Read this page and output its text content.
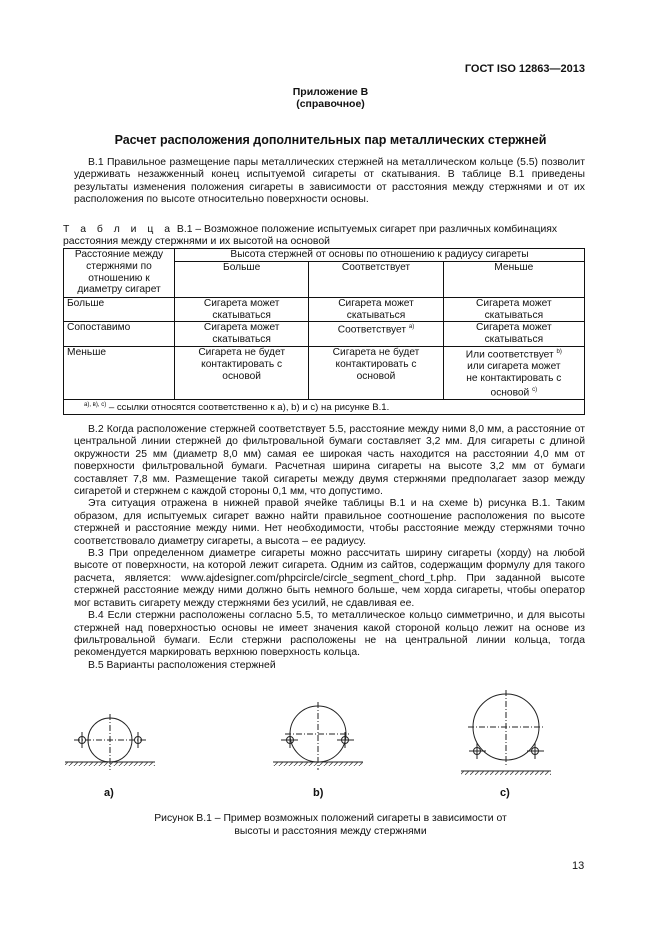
ГОСТ ISO 12863—2013
Приложение В
(справочное)
Расчет расположения дополнительных пар металлических стержней

В.1 Правильное размещение пары металлических стержней на металлическом кольце (5.5) позволит удерживать незажженный конец испытуемой сигареты от скатывания. В таблице В.1 приведены результаты изменения положения сигареты в зависимости от расстояния между стержнями и от их расположения по высоте относительно поверхности основы.

Т а б л и ц а В.1 – Возможное положение испытуемых сигарет при различных комбинациях расстояния между стержнями и их высотой на основой
Расстояние между стержнями по отношению к диаметру сигарет	Высота стержней от основы по отношению к радиусу сигареты		
	Больше	Соответствует	Меньше
Больше	Сигарета может скатываться	Сигарета может скатываться	Сигарета может скатываться
Сопоставимо	Сигарета может скатываться	Соответствует $^{a)}$	Сигарета может скатываться
Меньше	Сигарета не будет контактировать с основой	Сигарета не будет контактировать с основой	Или соответствует $^{b)}$ или сигарета может не контактировать с основой $^{c)}$
$^{a), в), c)}$ – ссылки относятся соответственно к a), b) и c) на рисунке В.1.			

В.2 Когда расположение стержней соответствует 5.5, расстояние между ними 8,0 мм, а расстояние от центральной линии стержней до фильтровальной бумаги составляет 3,2 мм. Для сигареты с длиной окружности 25 мм (диаметр 8,0 мм) самая ее широкая часть находится на расстоянии 4,0 мм от поверхности фильтровальной бумаги. Расчетная ширина сигареты на высоте 3,2 мм от бумаги составляет 7,8 мм. Размещение такой сигареты между двумя стержнями предполагает зазор между сигаретой и стержнем с каждой стороны 0,1 мм, что допустимо.

Эта ситуация отражена в нижней правой ячейке таблицы В.1 и на схеме b) рисунка В.1. Таким образом, для испытуемых сигарет важно найти правильное соотношение расположения по высоте стержней и расстояние между ними. Нет необходимости, чтобы расстояние между стержнями точно соответствовало диаметру сигареты, а высота – ее радиусу.

В.3 При определенном диаметре сигареты можно рассчитать ширину сигареты (хорду) на любой высоте от поверхности, на которой лежит сигарета. Одним из сайтов, содержащим формулу для такого расчета, является: www.ajdesigner.com/phpcircle/circle_segment_chord_t.php. При заданной высоте стержней расстояние между ними должно быть немного больше, чем хорда сигареты, чтобы оператор мог вставить сигарету между стержнями без усилий, не сдавливая ее.

В.4 Если стержни расположены согласно 5.5, то металлическое кольцо симметрично, и для высоты стержней над поверхностью основы не имеет значения какой стороной кольцо лежит на основе из фильтровальной бумаги. Если стержни расположены не на центральной линии кольца, тогда рекомендуется маркировать верхнюю поверхность кольца.

В.5 Варианты расположения стержней

a)	b)	c)
Рисунок В.1 – Пример возможных положений сигареты в зависимости от
высоты и расстояния между стержнями
13
